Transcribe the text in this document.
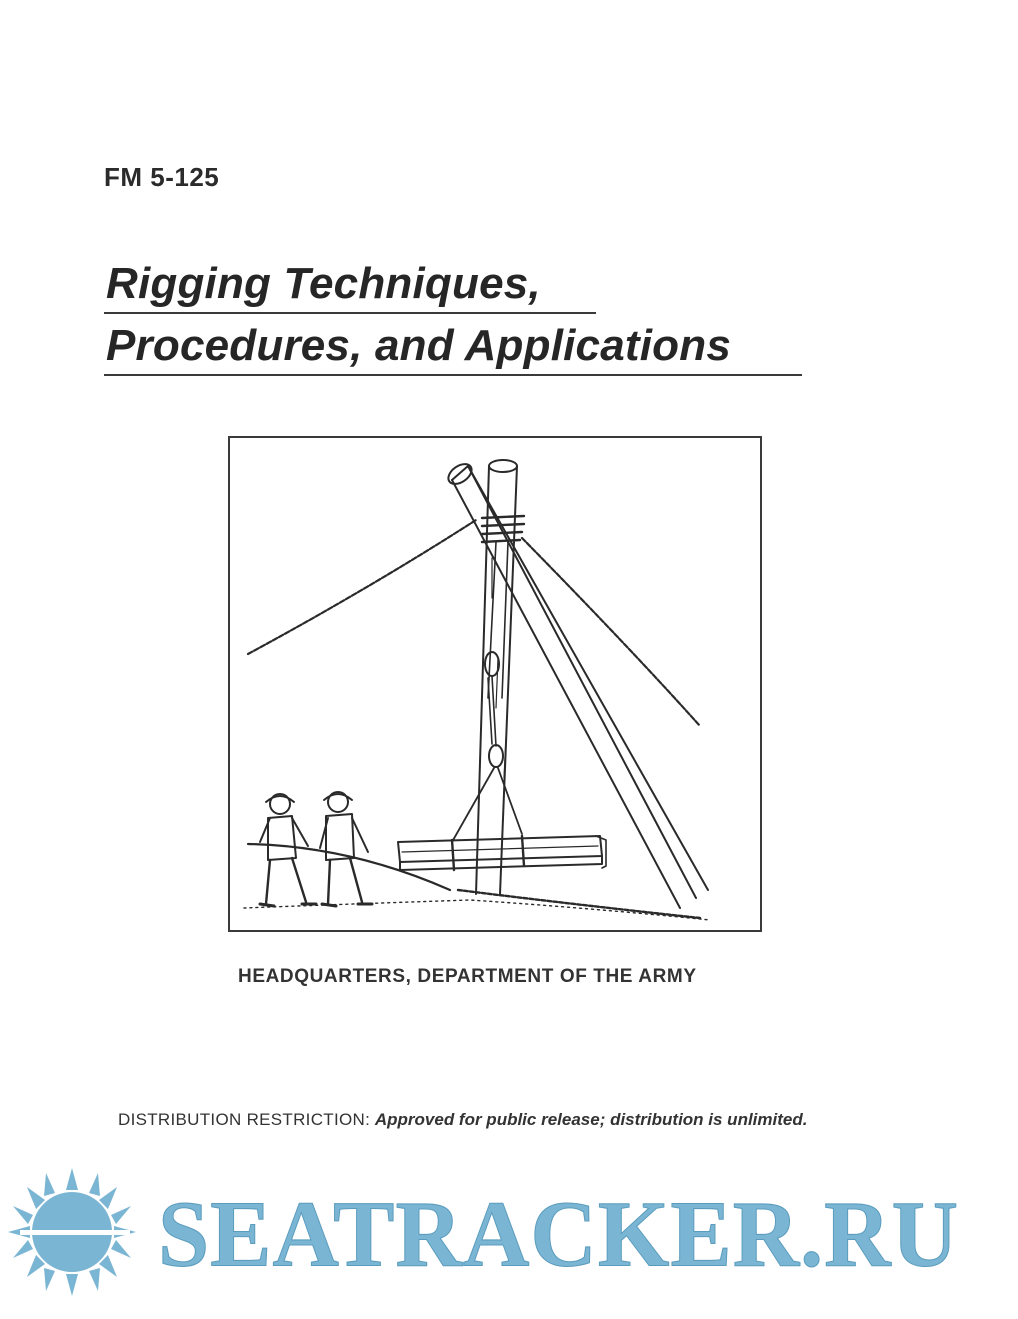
FM 5-125

Rigging Techniques,
Procedures, and Applications

HEADQUARTERS, DEPARTMENT OF THE ARMY

DISTRIBUTION RESTRICTION: Approved for public release; distribution is unlimited.

SEATRACKER.RU
